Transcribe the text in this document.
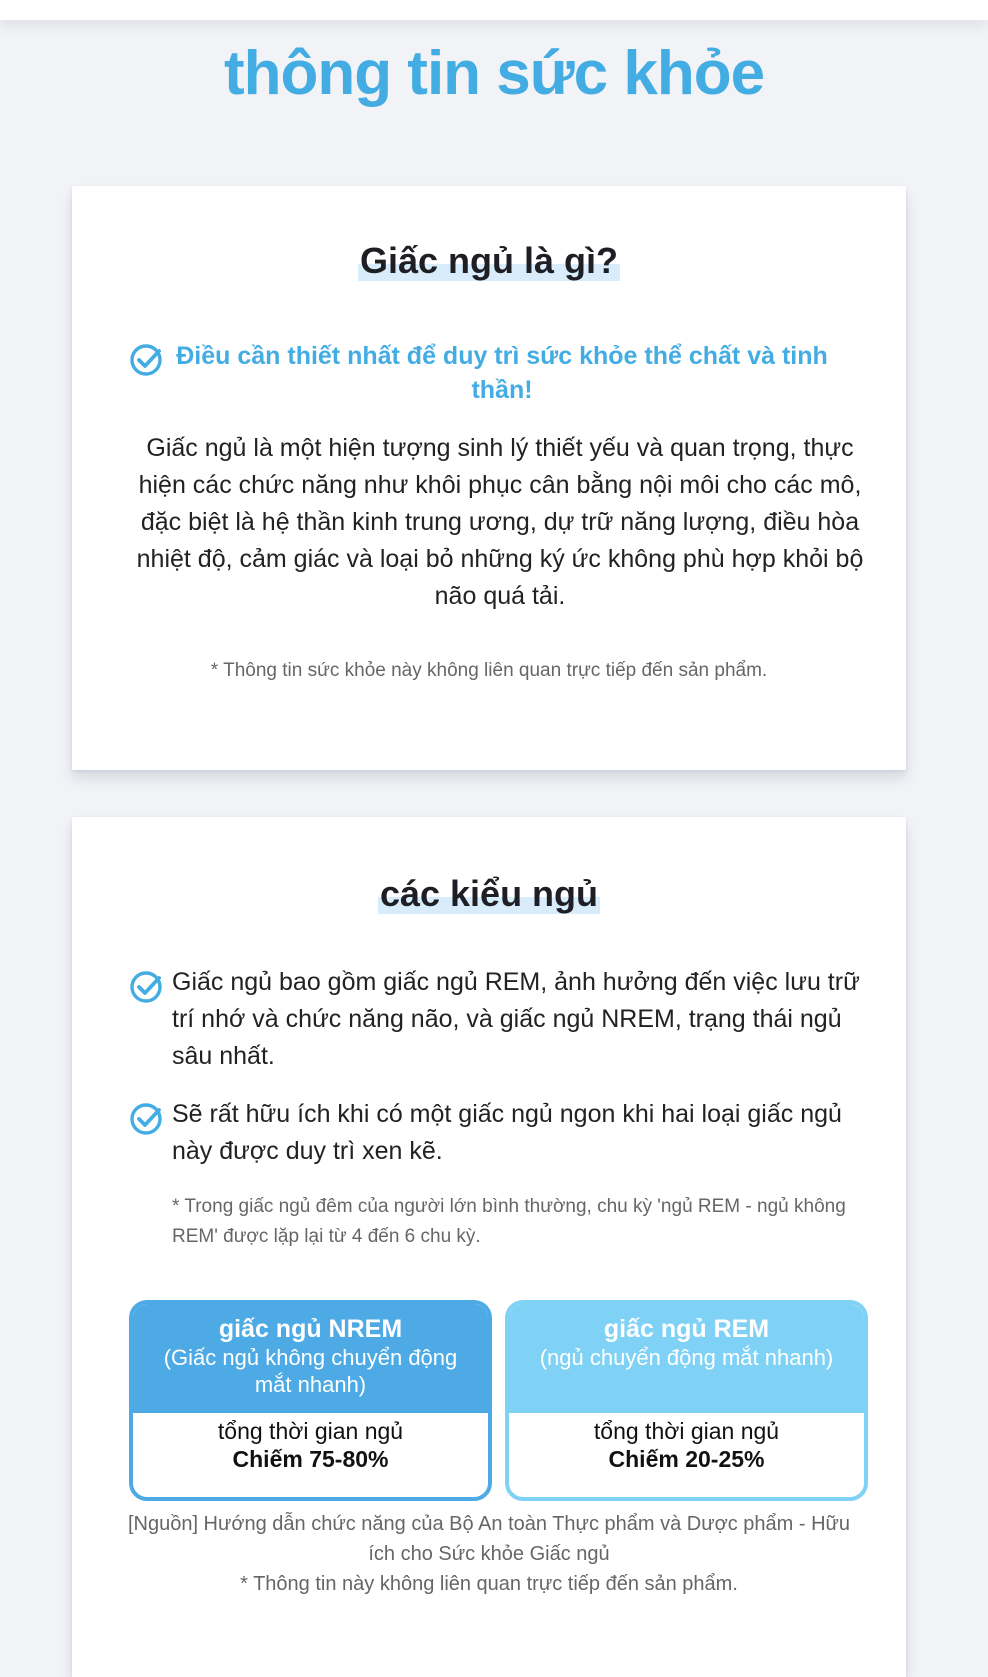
thông tin sức khỏe
Giấc ngủ là gì?
Điều cần thiết nhất để duy trì sức khỏe thể chất và tinh thần!
Giấc ngủ là một hiện tượng sinh lý thiết yếu và quan trọng, thực hiện các chức năng như khôi phục cân bằng nội môi cho các mô, đặc biệt là hệ thần kinh trung ương, dự trữ năng lượng, điều hòa nhiệt độ, cảm giác và loại bỏ những ký ức không phù hợp khỏi bộ não quá tải.
* Thông tin sức khỏe này không liên quan trực tiếp đến sản phẩm.
các kiểu ngủ
Giấc ngủ bao gồm giấc ngủ REM, ảnh hưởng đến việc lưu trữ trí nhớ và chức năng não, và giấc ngủ NREM, trạng thái ngủ sâu nhất.
Sẽ rất hữu ích khi có một giấc ngủ ngon khi hai loại giấc ngủ này được duy trì xen kẽ.
* Trong giấc ngủ đêm của người lớn bình thường, chu kỳ 'ngủ REM - ngủ không REM' được lặp lại từ 4 đến 6 chu kỳ.
giấc ngủ NREM
(Giấc ngủ không chuyển động mắt nhanh)
tổng thời gian ngủ
Chiếm 75-80%
giấc ngủ REM
(ngủ chuyển động mắt nhanh)
tổng thời gian ngủ
Chiếm 20-25%
[Nguồn] Hướng dẫn chức năng của Bộ An toàn Thực phẩm và Dược phẩm - Hữu ích cho Sức khỏe Giấc ngủ
* Thông tin này không liên quan trực tiếp đến sản phẩm.
